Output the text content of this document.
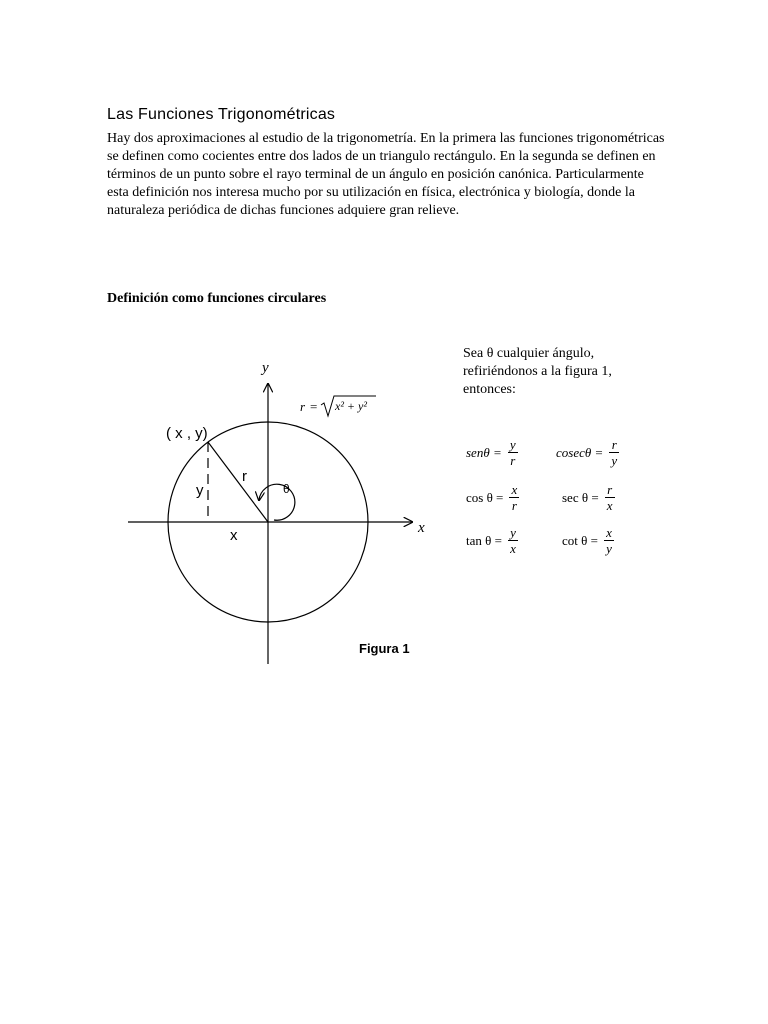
Las Funciones Trigonométricas

Hay dos aproximaciones al estudio de la trigonometría. En la primera las funciones trigonométricas se definen como cocientes entre dos lados de un triangulo rectángulo. En la segunda se definen en términos de un punto sobre el rayo terminal de un ángulo en posición canónica. Particularmente esta definición nos interesa mucho por su utilización en física, electrónica y biología, donde la naturaleza periódica de dichas funciones adquiere gran relieve.

Definición como funciones circulares

Sea θ cualquier ángulo,
refiriéndonos a la figura 1,
entonces:

y
x
( x , y)
r
y
x
θ
r = x² + y²
Figura 1
$sen\theta = \frac{y}{r}$	$cosec\theta = \frac{r}{y}$
$\cos \theta = \frac{x}{r}$	$\sec \theta = \frac{r}{x}$
$\tan \theta = \frac{y}{x}$	$\cot \theta = \frac{x}{y}$
